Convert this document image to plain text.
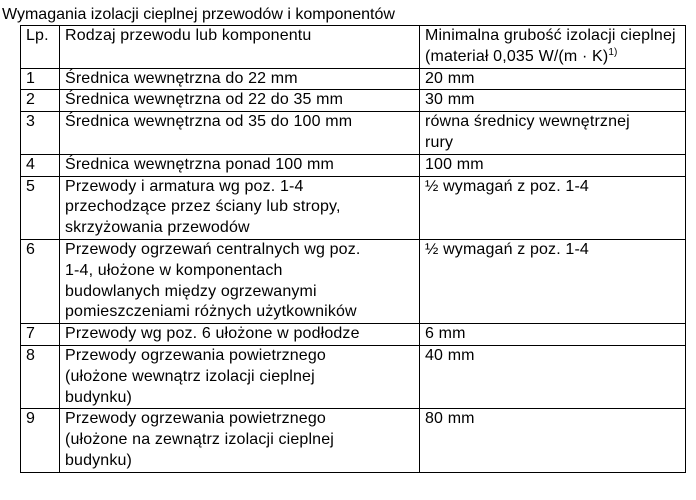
Wymagania izolacji cieplnej przewodów i komponentów
Lp.	Rodzaj przewodu lub komponentu	Minimalna grubość izolacji cieplnej
(materiał 0,035 $W/(m \cdot K)^{1)}$

1	Średnica wewnętrzna do 22 mm	20 mm

2	Średnica wewnętrzna od 22 do 35 mm	30 mm

3	Średnica wewnętrzna od 35 do 100 mm	równa średnicy wewnętrznej
rury

4	Średnica wewnętrzna ponad 100 mm	100 mm

5	Przewody i armatura wg poz. 1-4
przechodzące przez ściany lub stropy,
skrzyżowania przewodów	½ wymagań z poz. 1-4

6	Przewody ogrzewań centralnych wg poz.
1-4, ułożone w komponentach
budowlanych między ogrzewanymi
pomieszczeniami różnych użytkowników	½ wymagań z poz. 1-4

7	Przewody wg poz. 6 ułożone w podłodze	6 mm

8	Przewody ogrzewania powietrznego
(ułożone wewnątrz izolacji cieplnej
budynku)	40 mm

9	Przewody ogrzewania powietrznego
(ułożone na zewnątrz izolacji cieplnej
budynku)	80 mm
